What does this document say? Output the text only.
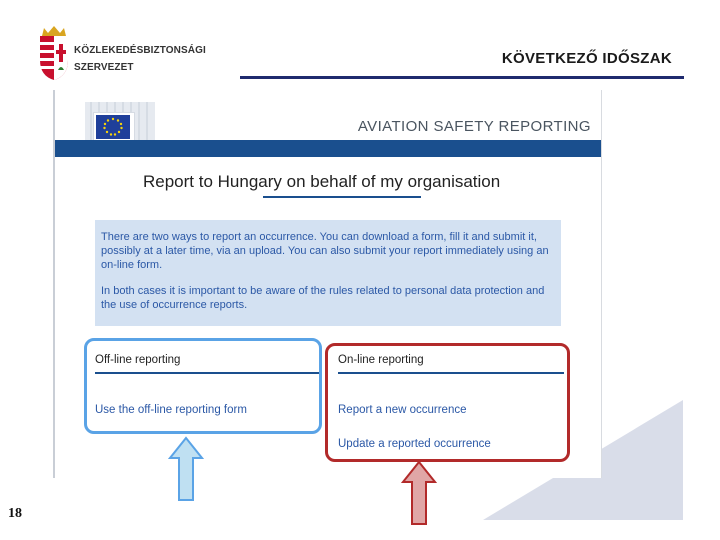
KÖZLEKEDÉSBIZTONSÁGI
SZERVEZET
KÖVETKEZŐ IDŐSZAK
AVIATION SAFETY REPORTING
Report to Hungary on behalf of my organisation

There are two ways to report an occurrence. You can download a form, fill it and submit it, possibly at a later time, via an upload. You can also submit your report immediately using an on-line form.

In both cases it is important to be aware of the rules related to personal data protection and the use of occurrence reports.

Off-line reporting
Use the off-line reporting form
On-line reporting
Report a new occurrence
Update a reported occurrence
18
